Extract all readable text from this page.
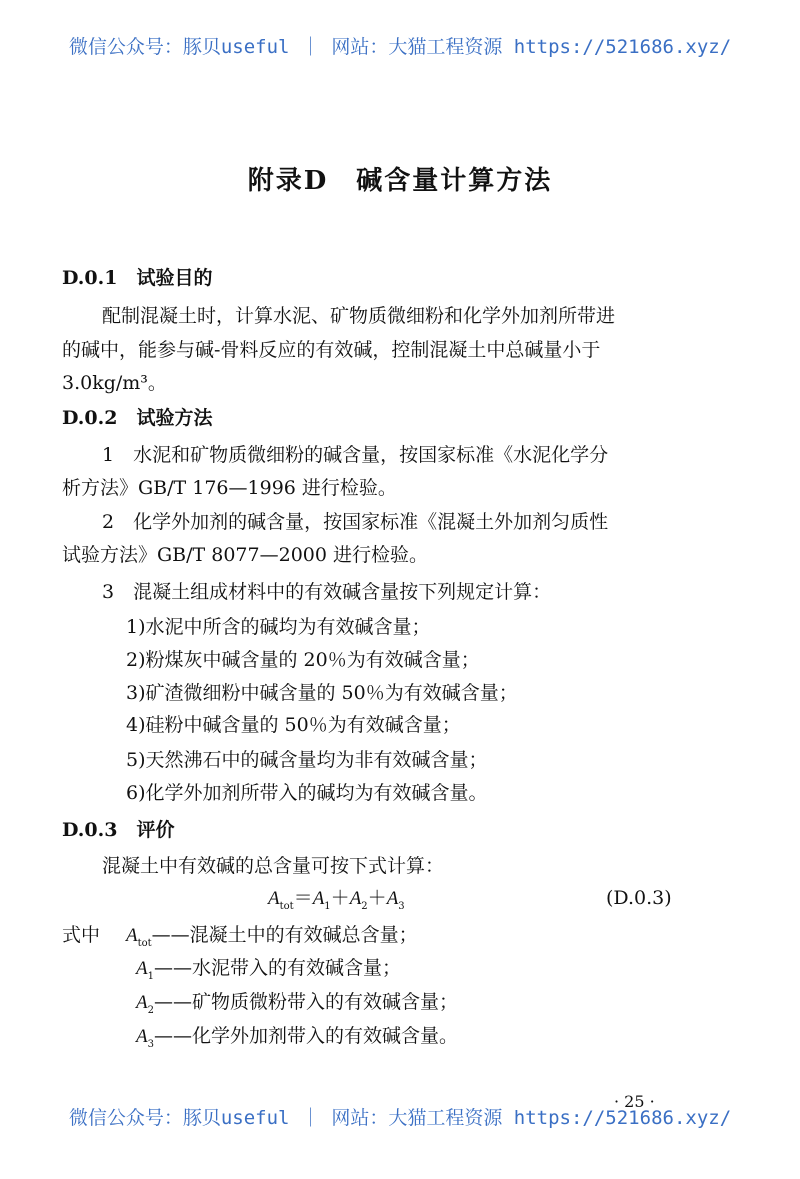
微信公众号：豚贝useful ｜ 网站：大猫工程资源 https://521686.xyz/
附录D　碱含量计算方法
D.0.1　试验目的
配制混凝土时，计算水泥、矿物质微细粉和化学外加剂所带进
的碱中，能参与碱-骨料反应的有效碱，控制混凝土中总碱量小于
3.0kg/m³。
D.0.2　试验方法
1　水泥和矿物质微细粉的碱含量，按国家标准《水泥化学分
析方法》GB/T 176—1996 进行检验。
2　化学外加剂的碱含量，按国家标准《混凝土外加剂匀质性
试验方法》GB/T 8077—2000 进行检验。
3　混凝土组成材料中的有效碱含量按下列规定计算：
1)水泥中所含的碱均为有效碱含量；
2)粉煤灰中碱含量的 20％为有效碱含量；
3)矿渣微细粉中碱含量的 50％为有效碱含量；
4)硅粉中碱含量的 50％为有效碱含量；
5)天然沸石中的碱含量均为非有效碱含量；
6)化学外加剂所带入的碱均为有效碱含量。
D.0.3　评价
混凝土中有效碱的总含量可按下式计算：
$A_{tot}=A_1+A_2+A_3$	(D.0.3)
式中 $A_{tot}——$混凝土中的有效碱总含量；
$A_1——$水泥带入的有效碱含量；
$A_2——$矿物质微粉带入的有效碱含量；
$A_3——$化学外加剂带入的有效碱含量。
· 25 ·
微信公众号：豚贝useful ｜ 网站：大猫工程资源 https://521686.xyz/
